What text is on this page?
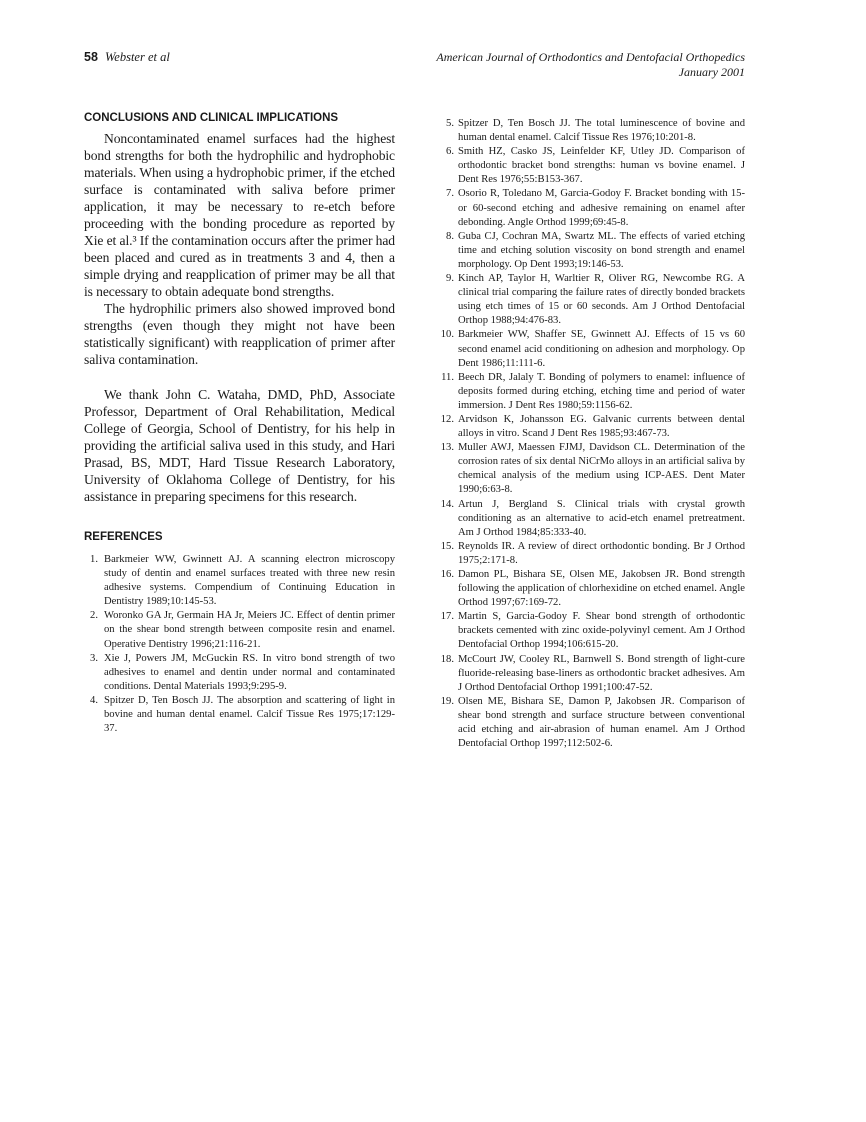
58 Webster et al	American Journal of Orthodontics and Dentofacial Orthopedics
January 2001
CONCLUSIONS AND CLINICAL IMPLICATIONS

Noncontaminated enamel surfaces had the highest bond strengths for both the hydrophilic and hydrophobic materials. When using a hydrophobic primer, if the etched surface is contaminated with saliva before primer application, it may be necessary to re-etch before proceeding with the bonding procedure as reported by Xie et al.³ If the contamination occurs after the primer had been placed and cured as in treatments 3 and 4, then a simple drying and reapplication of primer may be all that is necessary to obtain adequate bond strengths.

The hydrophilic primers also showed improved bond strengths (even though they might not have been statistically significant) with reapplication of primer after saliva contamination.

We thank John C. Wataha, DMD, PhD, Associate Professor, Department of Oral Rehabilitation, Medical College of Georgia, School of Dentistry, for his help in providing the artificial saliva used in this study, and Hari Prasad, BS, MDT, Hard Tissue Research Laboratory, University of Oklahoma College of Dentistry, for his assistance in preparing specimens for this research.

REFERENCES
1. Barkmeier WW, Gwinnett AJ. A scanning electron microscopy study of dentin and enamel surfaces treated with three new resin adhesive systems. Compendium of Continuing Education in Dentistry 1989;10:145-53.
2. Woronko GA Jr, Germain HA Jr, Meiers JC. Effect of dentin primer on the shear bond strength between composite resin and enamel. Operative Dentistry 1996;21:116-21.
3. Xie J, Powers JM, McGuckin RS. In vitro bond strength of two adhesives to enamel and dentin under normal and contaminated conditions. Dental Materials 1993;9:295-9.
4. Spitzer D, Ten Bosch JJ. The absorption and scattering of light in bovine and human dental enamel. Calcif Tissue Res 1975;17:129-37.
5. Spitzer D, Ten Bosch JJ. The total luminescence of bovine and human dental enamel. Calcif Tissue Res 1976;10:201-8.
6. Smith HZ, Casko JS, Leinfelder KF, Utley JD. Comparison of orthodontic bracket bond strengths: human vs bovine enamel. J Dent Res 1976;55:B153-367.
7. Osorio R, Toledano M, Garcia-Godoy F. Bracket bonding with 15- or 60-second etching and adhesive remaining on enamel after debonding. Angle Orthod 1999;69:45-8.
8. Guba CJ, Cochran MA, Swartz ML. The effects of varied etching time and etching solution viscosity on bond strength and enamel morphology. Op Dent 1993;19:146-53.
9. Kinch AP, Taylor H, Warltier R, Oliver RG, Newcombe RG. A clinical trial comparing the failure rates of directly bonded brackets using etch times of 15 or 60 seconds. Am J Orthod Dentofacial Orthop 1988;94:476-83.
10. Barkmeier WW, Shaffer SE, Gwinnett AJ. Effects of 15 vs 60 second enamel acid conditioning on adhesion and morphology. Op Dent 1986;11:111-6.
11. Beech DR, Jalaly T. Bonding of polymers to enamel: influence of deposits formed during etching, etching time and period of water immersion. J Dent Res 1980;59:1156-62.
12. Arvidson K, Johansson EG. Galvanic currents between dental alloys in vitro. Scand J Dent Res 1985;93:467-73.
13. Muller AWJ, Maessen FJMJ, Davidson CL. Determination of the corrosion rates of six dental NiCrMo alloys in an artificial saliva by chemical analysis of the medium using ICP-AES. Dent Mater 1990;6:63-8.
14. Artun J, Bergland S. Clinical trials with crystal growth conditioning as an alternative to acid-etch enamel pretreatment. Am J Orthod 1984;85:333-40.
15. Reynolds IR. A review of direct orthodontic bonding. Br J Orthod 1975;2:171-8.
16. Damon PL, Bishara SE, Olsen ME, Jakobsen JR. Bond strength following the application of chlorhexidine on etched enamel. Angle Orthod 1997;67:169-72.
17. Martin S, Garcia-Godoy F. Shear bond strength of orthodontic brackets cemented with zinc oxide-polyvinyl cement. Am J Orthod Dentofacial Orthop 1994;106:615-20.
18. McCourt JW, Cooley RL, Barnwell S. Bond strength of light-cure fluoride-releasing base-liners as orthodontic bracket adhesives. Am J Orthod Dentofacial Orthop 1991;100:47-52.
19. Olsen ME, Bishara SE, Damon P, Jakobsen JR. Comparison of shear bond strength and surface structure between conventional acid etching and air-abrasion of human enamel. Am J Orthod Dentofacial Orthop 1997;112:502-6.
